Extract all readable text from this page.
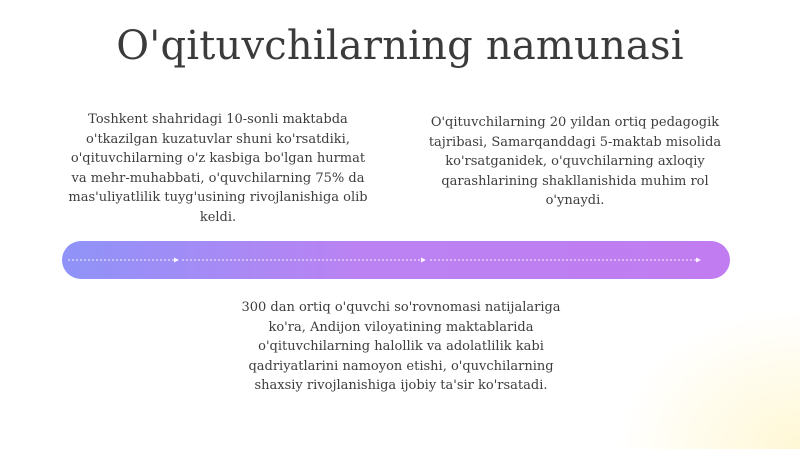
O'qituvchilarning namunasi

Toshkent shahridagi 10-sonli maktabda o'tkazilgan kuzatuvlar shuni ko'rsatdiki, o'qituvchilarning o'z kasbiga bo'lgan hurmat va mehr-muhabbati, o'quvchilarning 75% da mas'uliyatlilik tuyg'usining rivojlanishiga olib keldi.

O'qituvchilarning 20 yildan ortiq pedagogik tajribasi, Samarqanddagi 5-maktab misolida ko'rsatganidek, o'quvchilarning axloqiy qarashlarining shakllanishida muhim rol o'ynaydi.

300 dan ortiq o'quvchi so'rovnomasi natijalariga ko'ra, Andijon viloyatining maktablarida o'qituvchilarning halollik va adolatlilik kabi qadriyatlarini namoyon etishi, o'quvchilarning shaxsiy rivojlanishiga ijobiy ta'sir ko'rsatadi.
